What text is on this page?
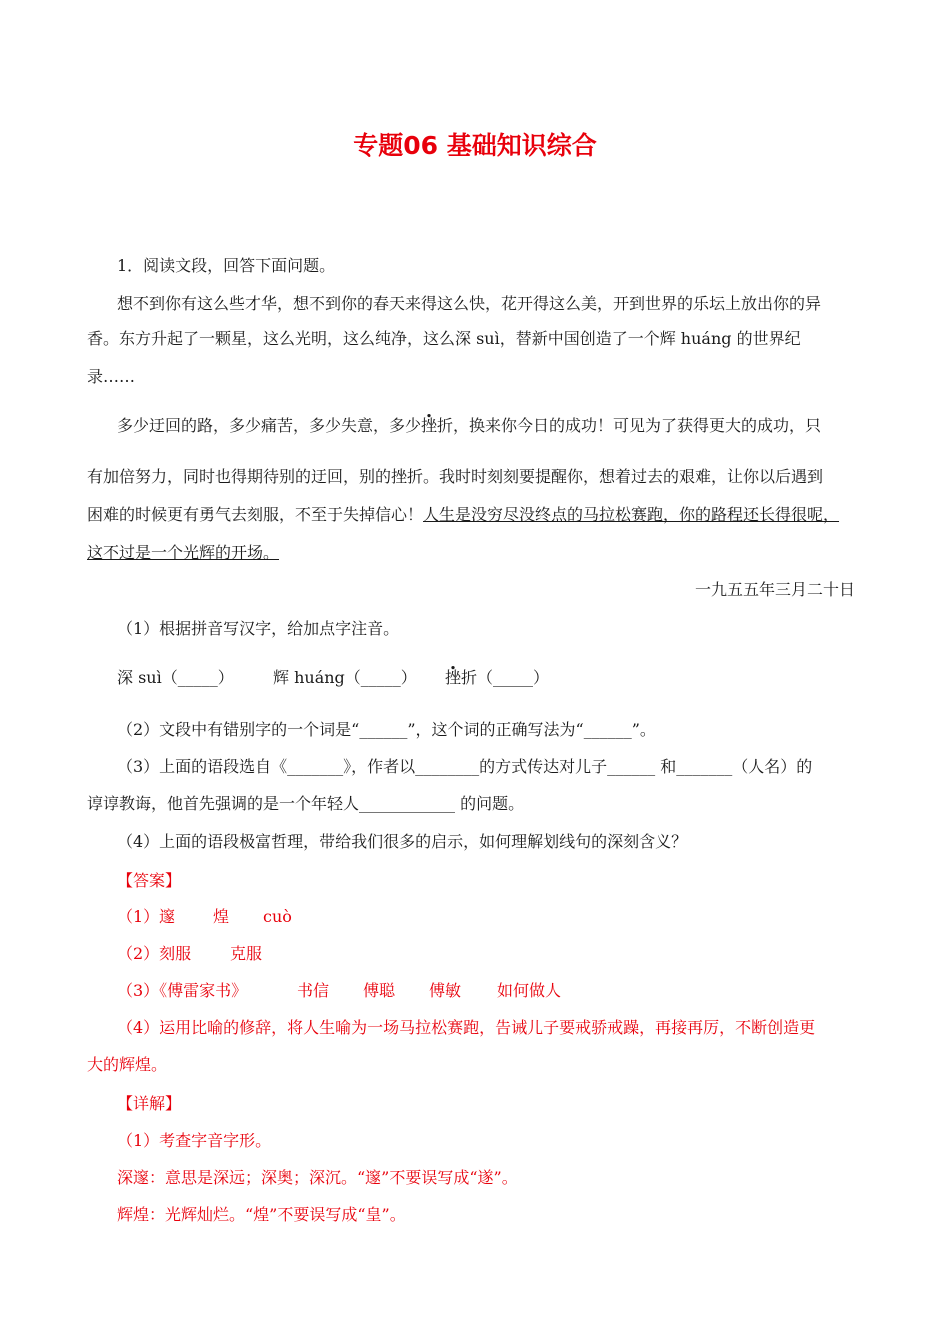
专题06 基础知识综合
1．阅读文段，回答下面问题。
想不到你有这么些才华，想不到你的春天来得这么快，花开得这么美，开到世界的乐坛上放出你的异
香。东方升起了一颗星，这么光明，这么纯净，这么深 suì，替新中国创造了一个辉 huáng 的世界纪
录……
多少迂回的路，多少痛苦，多少失意，多少挫折，换来你今日的成功！可见为了获得更大的成功，只
有加倍努力，同时也得期待别的迂回，别的挫折。我时时刻刻要提醒你，想着过去的艰难，让你以后遇到
困难的时候更有勇气去刻服，不至于失掉信心！人生是没穷尽没终点的马拉松赛跑，你的路程还长得很呢，
这不过是一个光辉的开场。
一九五五年三月二十日
（1）根据拼音写汉字，给加点字注音。
深 suì（_____） 辉 huáng（_____） 挫折（_____）
（2）文段中有错别字的一个词是“______”，这个词的正确写法为“______”。
（3）上面的语段选自《_______》，作者以________的方式传达对儿子______ 和_______（人名）的
谆谆教诲，他首先强调的是一个年轻人____________ 的问题。
（4）上面的语段极富哲理，带给我们很多的启示，如何理解划线句的深刻含义？
【答案】
（1）邃 煌 cuò
（2）刻服 克服
（3）《傅雷家书》	书信 傅聪 傅敏 如何做人
（4）运用比喻的修辞，将人生喻为一场马拉松赛跑，告诫儿子要戒骄戒躁，再接再厉，不断创造更
大的辉煌。
【详解】
（1）考查字音字形。
深邃：意思是深远；深奥；深沉。“邃”不要误写成“遂”。
辉煌：光辉灿烂。“煌”不要误写成“皇”。
